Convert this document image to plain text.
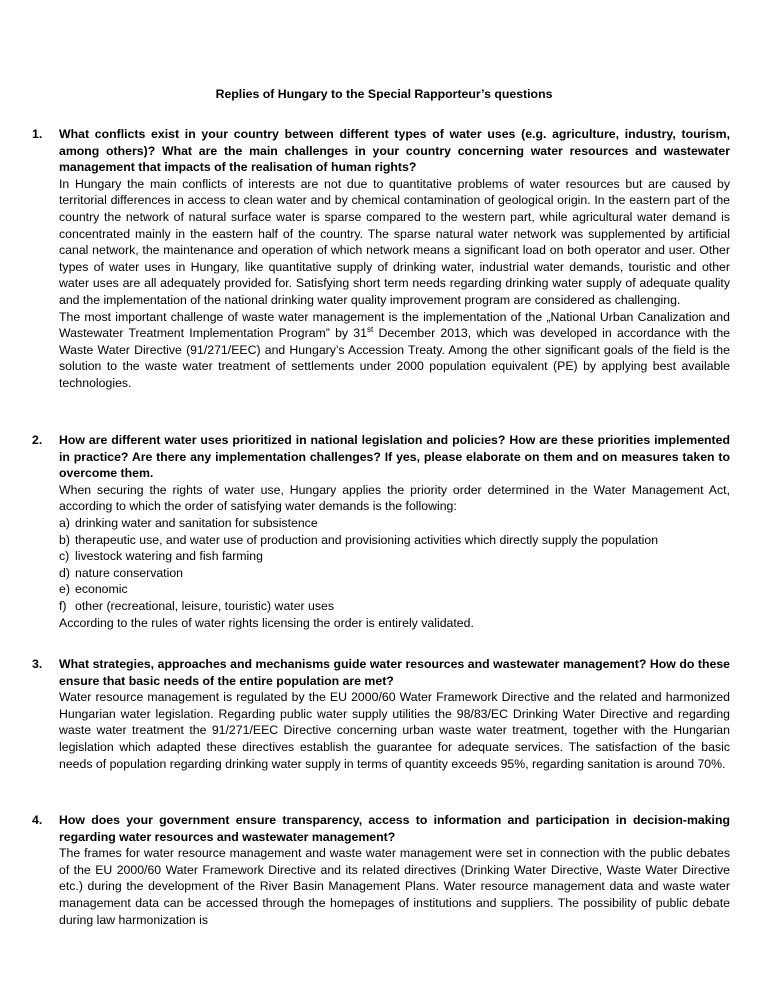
Replies of Hungary to the Special Rapporteur’s questions
1. What conflicts exist in your country between different types of water uses (e.g. agriculture, industry, tourism, among others)? What are the main challenges in your country concerning water resources and wastewater management that impacts of the realisation of human rights?

In Hungary the main conflicts of interests are not due to quantitative problems of water resources but are caused by territorial differences in access to clean water and by chemical contamination of geological origin. In the eastern part of the country the network of natural surface water is sparse compared to the western part, while agricultural water demand is concentrated mainly in the eastern half of the country. The sparse natural water network was supplemented by artificial canal network, the maintenance and operation of which network means a significant load on both operator and user. Other types of water uses in Hungary, like quantitative supply of drinking water, industrial water demands, touristic and other water uses are all adequately provided for. Satisfying short term needs regarding drinking water supply of adequate quality and the implementation of the national drinking water quality improvement program are considered as challenging.

The most important challenge of waste water management is the implementation of the „National Urban Canalization and Wastewater Treatment Implementation Program” by 31st December 2013, which was developed in accordance with the Waste Water Directive (91/271/EEC) and Hungary’s Accession Treaty. Among the other significant goals of the field is the solution to the waste water treatment of settlements under 2000 population equivalent (PE) by applying best available technologies.

2. How are different water uses prioritized in national legislation and policies? How are these priorities implemented in practice? Are there any implementation challenges? If yes, please elaborate on them and on measures taken to overcome them.

When securing the rights of water use, Hungary applies the priority order determined in the Water Management Act, according to which the order of satisfying water demands is the following:

a) drinking water and sanitation for subsistence
b) therapeutic use, and water use of production and provisioning activities which directly supply the population
c) livestock watering and fish farming
d) nature conservation
e) economic
f) other (recreational, leisure, touristic) water uses

According to the rules of water rights licensing the order is entirely validated.

3. What strategies, approaches and mechanisms guide water resources and wastewater management? How do these ensure that basic needs of the entire population are met?

Water resource management is regulated by the EU 2000/60 Water Framework Directive and the related and harmonized Hungarian water legislation. Regarding public water supply utilities the 98/83/EC Drinking Water Directive and regarding waste water treatment the 91/271/EEC Directive concerning urban waste water treatment, together with the Hungarian legislation which adapted these directives establish the guarantee for adequate services. The satisfaction of the basic needs of population regarding drinking water supply in terms of quantity exceeds 95%, regarding sanitation is around 70%.

4. How does your government ensure transparency, access to information and participation in decision-making regarding water resources and wastewater management?

The frames for water resource management and waste water management were set in connection with the public debates of the EU 2000/60 Water Framework Directive and its related directives (Drinking Water Directive, Waste Water Directive etc.) during the development of the River Basin Management Plans. Water resource management data and waste water management data can be accessed through the homepages of institutions and suppliers. The possibility of public debate during law harmonization is
